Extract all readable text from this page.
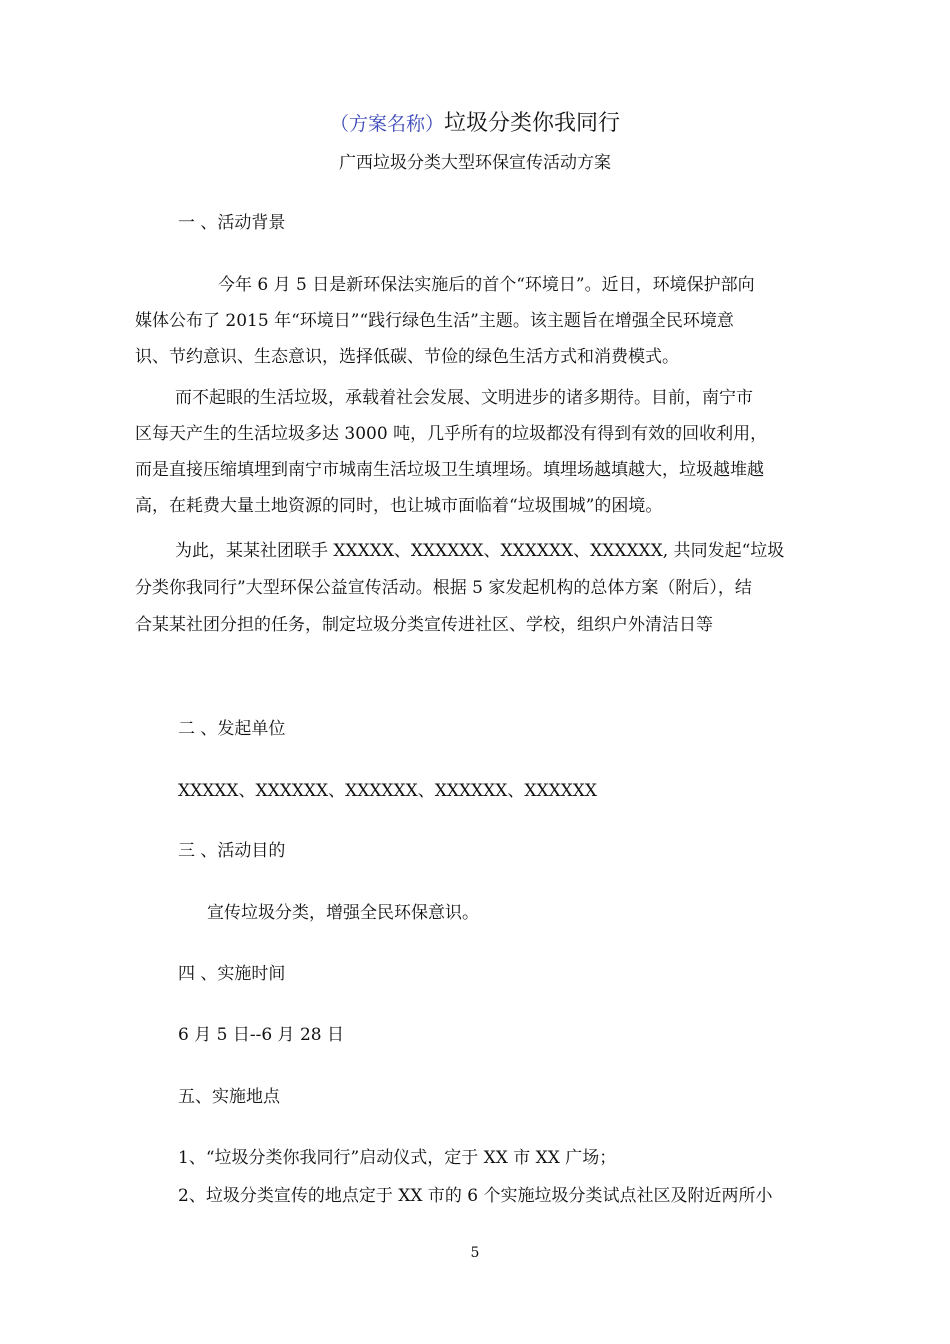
（方案名称）垃圾分类你我同行
广西垃圾分类大型环保宣传活动方案
一 、活动背景
今年 6 月 5 日是新环保法实施后的首个“环境日”。近日，环境保护部向
媒体公布了 2015 年“环境日”“践行绿色生活”主题。该主题旨在增强全民环境意
识、节约意识、生态意识，选择低碳、节俭的绿色生活方式和消费模式。
而不起眼的生活垃圾，承载着社会发展、文明进步的诸多期待。目前，南宁市
区每天产生的生活垃圾多达 3000 吨，几乎所有的垃圾都没有得到有效的回收利用，
而是直接压缩填埋到南宁市城南生活垃圾卫生填埋场。填埋场越填越大，垃圾越堆越
高，在耗费大量土地资源的同时，也让城市面临着“垃圾围城”的困境。
为此，某某社团联手 XXXXX、XXXXXX、XXXXXX、XXXXXX, 共同发起“垃圾
分类你我同行”大型环保公益宣传活动。根据 5 家发起机构的总体方案（附后），结
合某某社团分担的任务，制定垃圾分类宣传进社区、学校，组织户外清洁日等
二 、发起单位
XXXXX、XXXXXX、XXXXXX、XXXXXX、XXXXXX
三 、活动目的
宣传垃圾分类，增强全民环保意识。
四 、实施时间
6 月 5 日--6 月 28 日
五、实施地点
1、“垃圾分类你我同行”启动仪式，定于 XX 市 XX 广场；
2、垃圾分类宣传的地点定于 XX 市的 6 个实施垃圾分类试点社区及附近两所小
5
